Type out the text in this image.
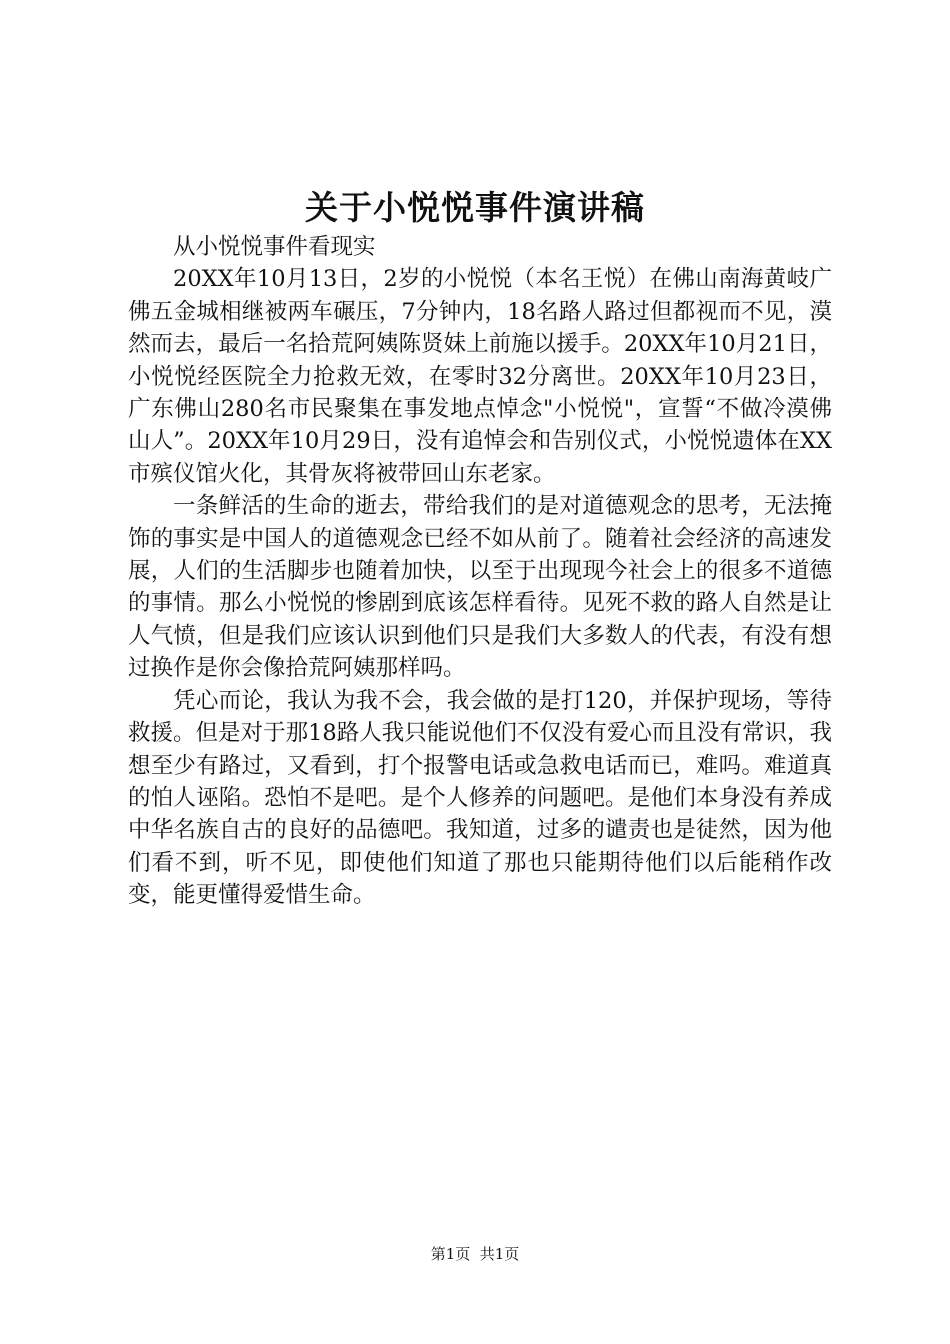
关于小悦悦事件演讲稿

从小悦悦事件看现实

20XX年10月13日，2岁的小悦悦（本名王悦）在佛山南海黄岐广佛五金城相继被两车碾压，7分钟内，18名路人路过但都视而不见，漠然而去，最后一名拾荒阿姨陈贤妹上前施以援手。20XX年10月21日，小悦悦经医院全力抢救无效，在零时32分离世。20XX年10月23日，广东佛山280名市民聚集在事发地点悼念"小悦悦"，宣誓“不做冷漠佛山人”。20XX年10月29日，没有追悼会和告别仪式，小悦悦遗体在XX市殡仪馆火化，其骨灰将被带回山东老家。

一条鲜活的生命的逝去，带给我们的是对道德观念的思考，无法掩饰的事实是中国人的道德观念已经不如从前了。随着社会经济的高速发展，人们的生活脚步也随着加快，以至于出现现今社会上的很多不道德的事情。那么小悦悦的惨剧到底该怎样看待。见死不救的路人自然是让人气愤，但是我们应该认识到他们只是我们大多数人的代表，有没有想过换作是你会像拾荒阿姨那样吗。

凭心而论，我认为我不会，我会做的是打120，并保护现场，等待救援。但是对于那18路人我只能说他们不仅没有爱心而且没有常识，我想至少有路过，又看到，打个报警电话或急救电话而已，难吗。难道真的怕人诬陷。恐怕不是吧。是个人修养的问题吧。是他们本身没有养成中华名族自古的良好的品德吧。我知道，过多的谴责也是徒然，因为他们看不到，听不见，即使他们知道了那也只能期待他们以后能稍作改变，能更懂得爱惜生命。

第1页  共1页
